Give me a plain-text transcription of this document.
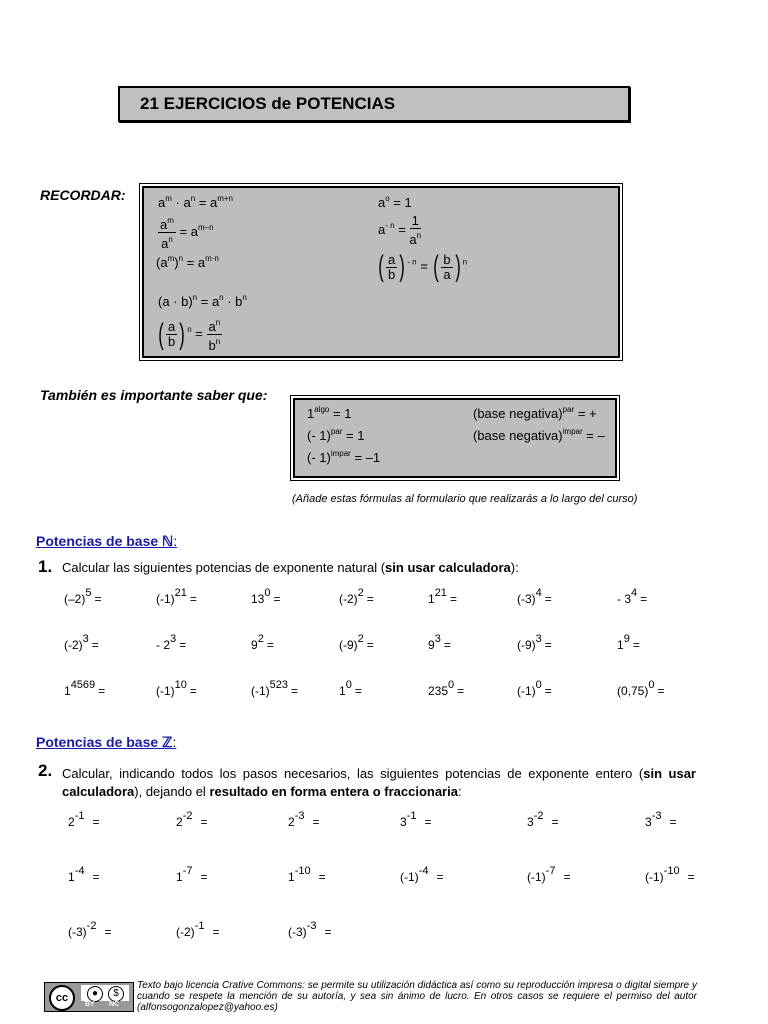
21 EJERCICIOS de POTENCIAS
RECORDAR: $a^m \cdot a^n = a^{m+n}$
$\frac{a^m}{a^n} = a^{m-n}$
$(a^m)^n = a^{m\cdot n}$
$(a \cdot b)^n = a^n \cdot b^n$
( $\frac{a}{b}$ ) $^n = \frac{a^n}{b^n}$
$a^o = 1$
$a^{- n} = \frac{1}{a^n}$
( $\frac{a}{b}$ ) $^{- n}$ = ( $\frac{b}{a}$ ) $^n$
También es importante saber que:
$1^{algo} = 1$
(- 1)$^{par}$ = 1
(- 1)$^{impar}$ = –1
(base negativa)$^{par}$ = +
(base negativa)$^{impar}$ = –
(Añade estas fórmulas al formulario que realizarás a lo largo del curso)
Potencias de base ℕ:
1. Calcular las siguientes potencias de exponente natural (sin usar calculadora):
$(-2)^5$ =	$(-1)^{21}$ =	$13^0$ =	$(-2)^2$ =	$1^{21}$ =	$(-3)^4$ =	- $3^4$ =
$(-2)^3$ =	- $2^3$ =	$9^2$ =	$(-9)^2$ =	$9^3$ =	$(-9)^3$ =	$1^9$ =
$1^{4569}$ =	$(-1)^{10}$ =	$(-1)^{523}$ =	$1^0$ =	$235^0$ =	$(-1)^0$ =	$(0,75)^0$ =
Potencias de base ℤ:
2. Calcular, indicando todos los pasos necesarios, las siguientes potencias de exponente entero (sin usar calculadora), dejando el resultado en forma entera o fraccionaria:
$2^{-1}$ =	$2^{-2}$ =	$2^{-3}$ =	$3^{-1}$ =	$3^{-2}$ =	$3^{-3}$ =
$1^{-4}$ =	$1^{-7}$ =	$1^{-10}$ =	$(-1)^{-4}$ =	$(-1)^{-7}$ =	$(-1)^{-10}$ =
$(-3)^{-2}$ =	$(-2)^{-1}$ =	$(-3)^{-3}$ =
cc	●	$
BY NC
Texto bajo licencia Crative Commons: se permite su utilización didáctica así como su reproducción impresa o digital siempre y cuando se respete la mención de su autoría, y sea sin ánimo de lucro. En otros casos se requiere el permiso del autor (alfonsogonzalopez@yahoo.es)
